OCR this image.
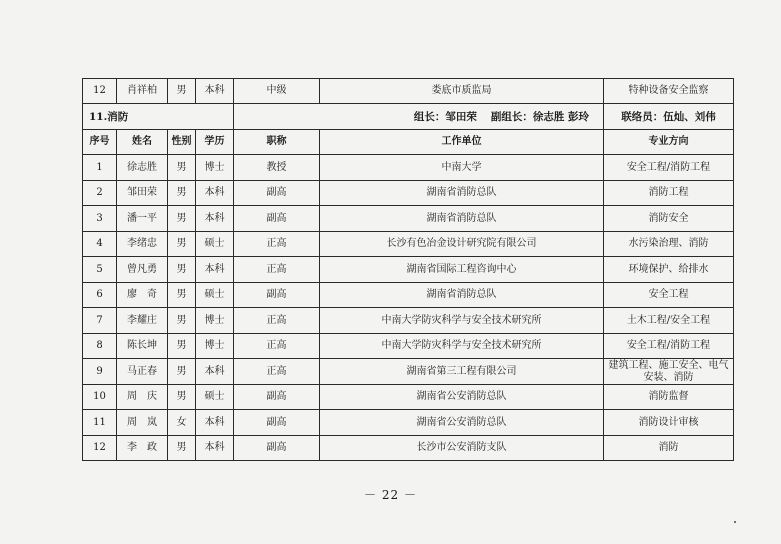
12	肖祥柏	男	本科	中级	娄底市质监局	特种设备安全监察
11.消防				组长：邹田荣 副组长：徐志胜 彭玲		联络员：伍灿、刘伟
序号	姓名	性别	学历	职称	工作单位	专业方向
1	徐志胜	男	博士	教授	中南大学	安全工程/消防工程
2	邹田荣	男	本科	副高	湖南省消防总队	消防工程
3	潘一平	男	本科	副高	湖南省消防总队	消防安全
4	李绪忠	男	硕士	正高	长沙有色冶金设计研究院有限公司	水污染治理、消防
5	曾凡勇	男	本科	正高	湖南省国际工程咨询中心	环境保护、给排水
6	廖　奇	男	硕士	副高	湖南省消防总队	安全工程
7	李耀庄	男	博士	正高	中南大学防灾科学与安全技术研究所	土木工程/安全工程
8	陈长坤	男	博士	正高	中南大学防灾科学与安全技术研究所	安全工程/消防工程
9	马正春	男	本科	正高	湖南省第三工程有限公司	建筑工程、施工安全、电气安装、消防
10	周　庆	男	硕士	副高	湖南省公安消防总队	消防监督
11	周　岚	女	本科	副高	湖南省公安消防总队	消防设计审核
12	李　政	男	本科	副高	长沙市公安消防支队	消防
－ 22 －
